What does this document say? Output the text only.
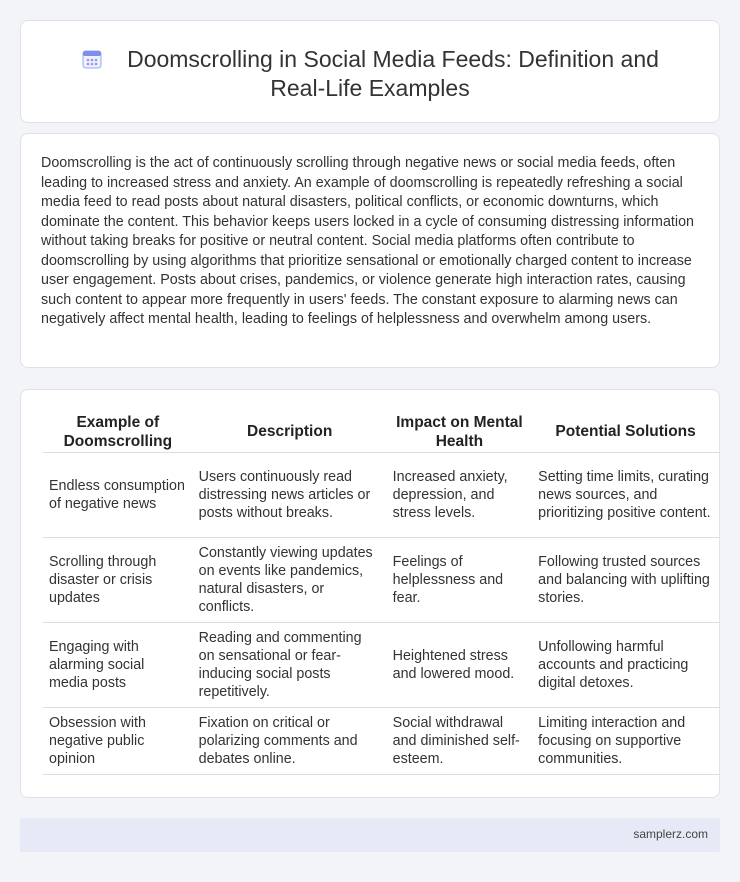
Doomscrolling in Social Media Feeds: Definition and
Real-Life Examples

Doomscrolling is the act of continuously scrolling through negative news or social media feeds, often leading to increased stress and anxiety. An example of doomscrolling is repeatedly refreshing a social media feed to read posts about natural disasters, political conflicts, or economic downturns, which dominate the content. This behavior keeps users locked in a cycle of consuming distressing information without taking breaks for positive or neutral content. Social media platforms often contribute to doomscrolling by using algorithms that prioritize sensational or emotionally charged content to increase user engagement. Posts about crises, pandemics, or violence generate high interaction rates, causing such content to appear more frequently in users' feeds. The constant exposure to alarming news can negatively affect mental health, leading to feelings of helplessness and overwhelm among users.

Example of Doomscrolling	Description	Impact on Mental Health	Potential Solutions
Endless consumption of negative news	Users continuously read distressing news articles or posts without breaks.	Increased anxiety, depression, and stress levels.	Setting time limits, curating news sources, and prioritizing positive content.
Scrolling through disaster or crisis updates	Constantly viewing updates on events like pandemics, natural disasters, or conflicts.	Feelings of helplessness and fear.	Following trusted sources and balancing with uplifting stories.
Engaging with alarming social media posts	Reading and commenting on sensational or fear-inducing social posts repetitively.	Heightened stress and lowered mood.	Unfollowing harmful accounts and practicing digital detoxes.
Obsession with negative public opinion	Fixation on critical or polarizing comments and debates online.	Social withdrawal and diminished self-esteem.	Limiting interaction and focusing on supportive communities.
samplerz.com
